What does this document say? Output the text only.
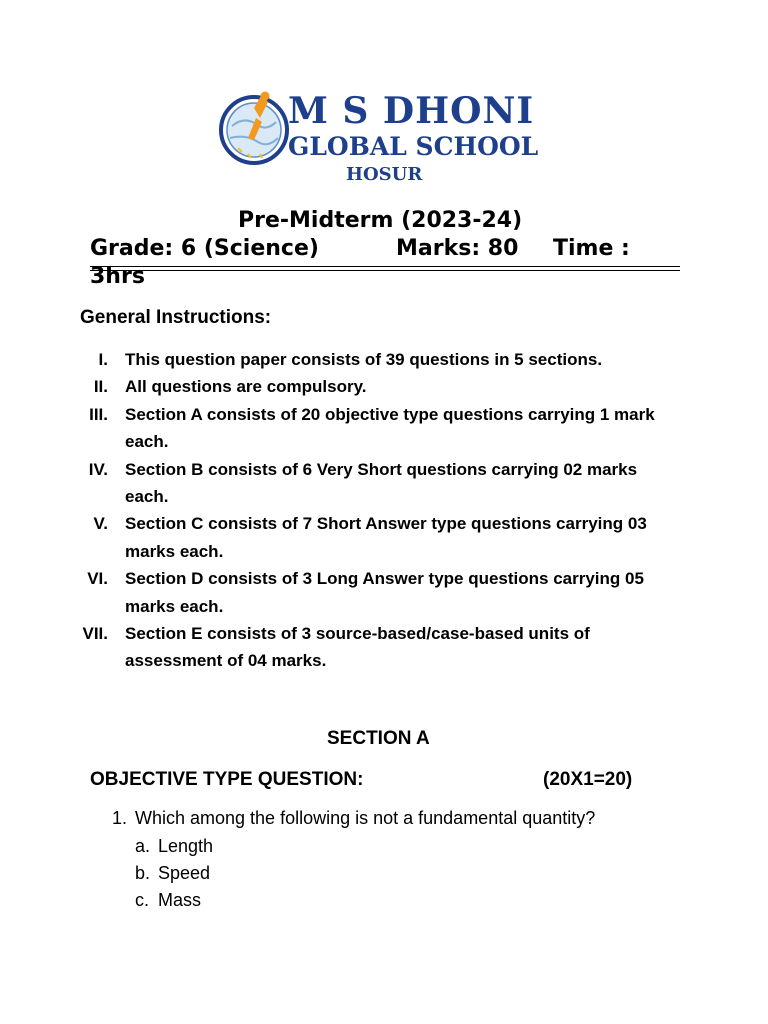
M S DHONI
GLOBAL SCHOOL
HOSUR
Pre-Midterm (2023-24)
Grade: 6 (Science)	Marks: 80 Time :
3hrs
General Instructions:
I. This question paper consists of 39 questions in 5 sections.
II. All questions are compulsory.
III. Section A consists of 20 objective type questions carrying 1 mark
each.
IV. Section B consists of 6 Very Short questions carrying 02 marks
each.
V. Section C consists of 7 Short Answer type questions carrying 03
marks each.
VI. Section D consists of 3 Long Answer type questions carrying 05
marks each.
VII. Section E consists of 3 source-based/case-based units of
assessment of 04 marks.
SECTION A
OBJECTIVE TYPE QUESTION:	(20X1=20)
1. Which among the following is not a fundamental quantity?
a. Length
b. Speed
c. Mass
